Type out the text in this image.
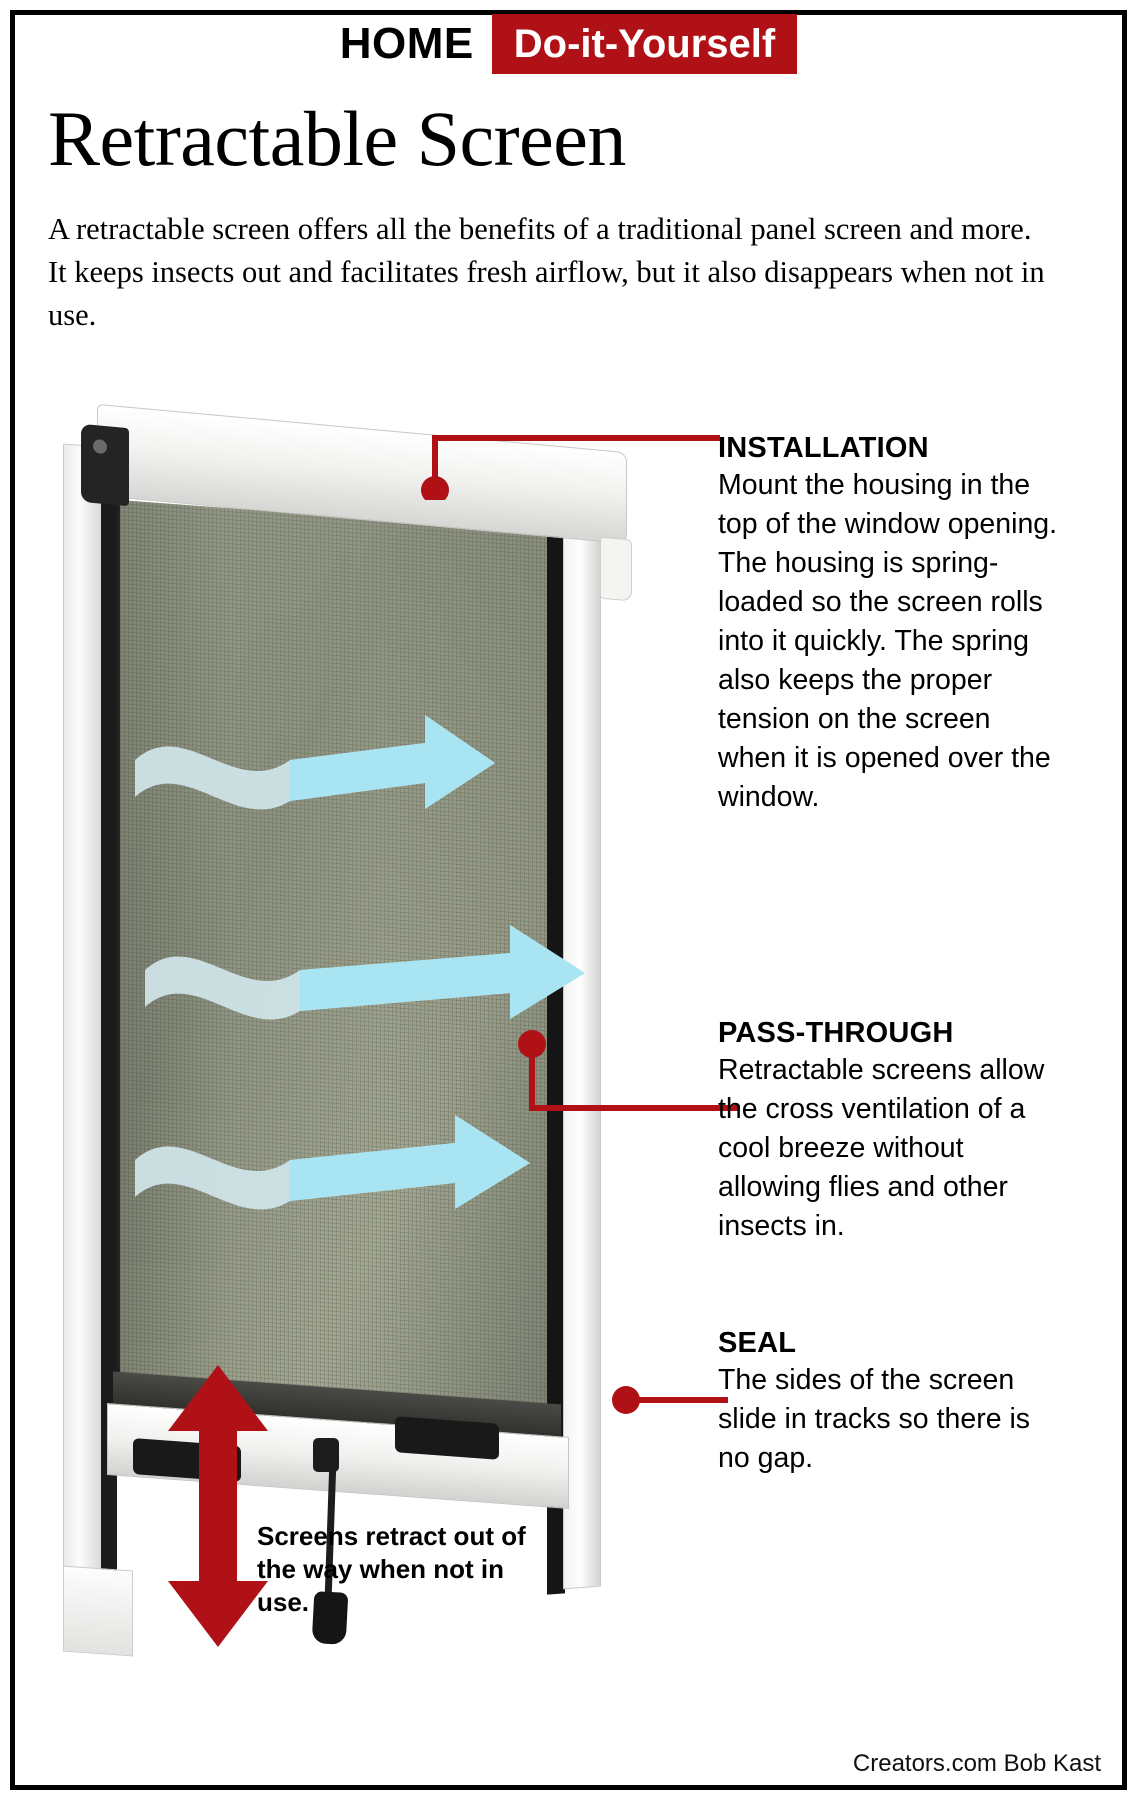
HOME	Do-it-Yourself
Retractable Screen
A retractable screen offers all the benefits of a traditional panel screen and more. It keeps insects out and facilitates fresh airflow, but it also disappears when not in use.
Screens retract out of the way when not in use.
INSTALLATION
Mount the housing in the top of the window opening. The housing is spring-loaded so the screen rolls into it quickly. The spring also keeps the proper tension on the screen when it is opened over the window.
PASS-THROUGH
Retractable screens allow the cross ventilation of a cool breeze without allowing flies and other insects in.
SEAL
The sides of the screen slide in tracks so there is no gap.
Creators.com Bob Kast
